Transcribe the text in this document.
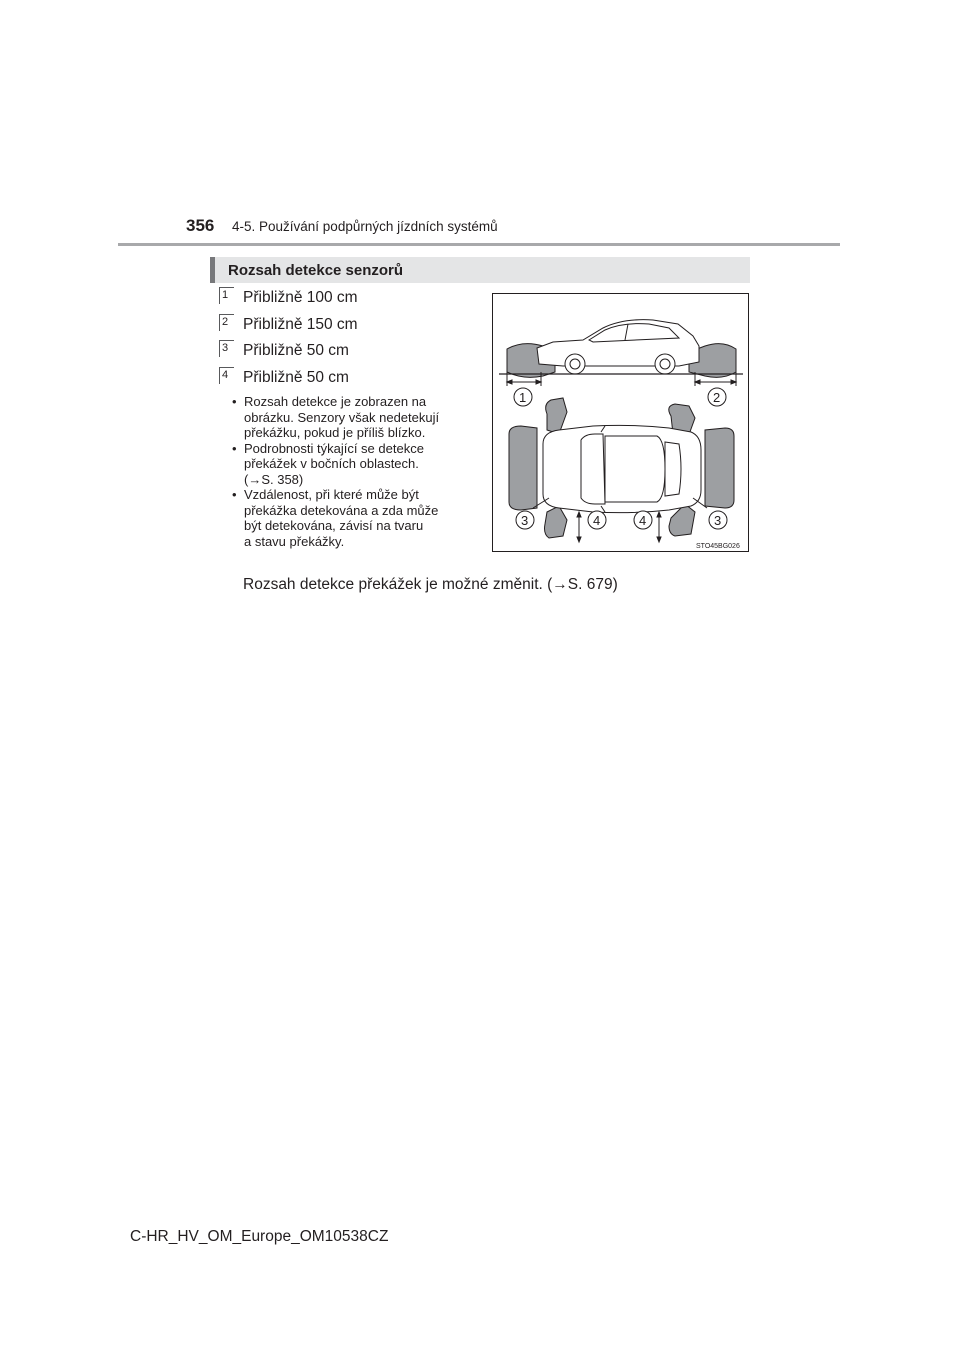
356 4-5. Používání podpůrných jízdních systémů
Rozsah detekce senzorů
1 Přibližně 100 cm
2 Přibližně 150 cm
3 Přibližně 50 cm
4 Přibližně 50 cm
• Rozsah detekce je zobrazen na
obrázku. Senzory však nedetekují
překážku, pokud je příliš blízko.
• Podrobnosti týkající se detekce
překážek v bočních oblastech.
(→S. 358)
• Vzdálenost, při které může být
překážka detekována a zda může
být detekována, závisí na tvaru
a stavu překážky.
Rozsah detekce překážek je možné změnit. (→S. 679)
1	2
3	4	4	3
STO45BG026
C-HR_HV_OM_Europe_OM10538CZ
